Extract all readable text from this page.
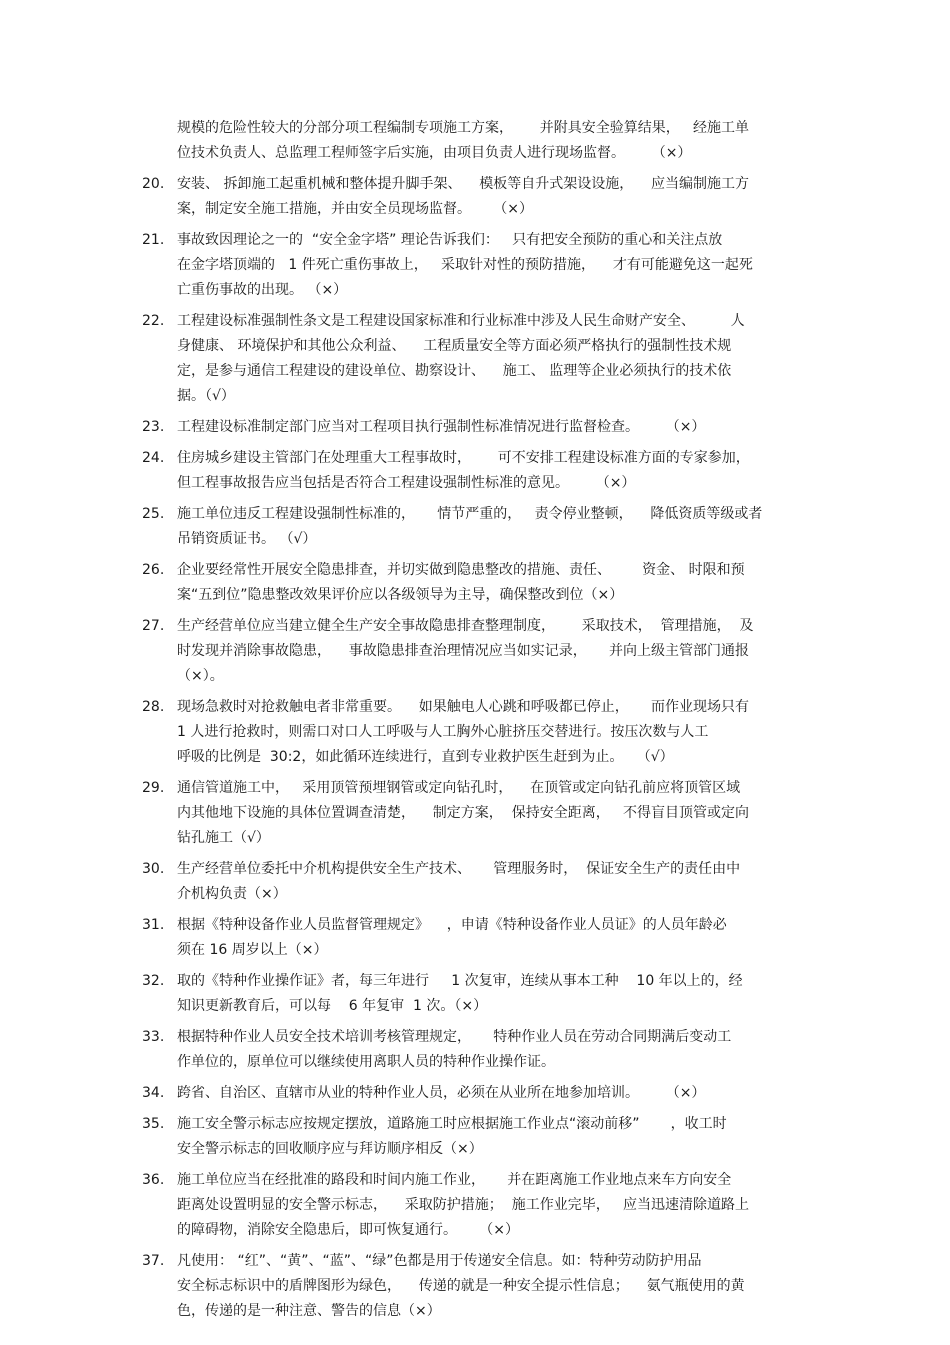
规模的危险性较大的分部分项工程编制专项施工方案，      并附具安全验算结果，   经施工单
位技术负责人、总监理工程师签字后实施，由项目负责人进行现场监督。      （×）
20. 安装、 拆卸施工起重机械和整体提升脚手架、    模板等自升式架设设施，    应当编制施工方
案，制定安全施工措施，并由安全员现场监督。     （×）
21. 事故致因理论之一的  “安全金字塔” 理论告诉我们：   只有把安全预防的重心和关注点放
在金字塔顶端的   1 件死亡重伤事故上，   采取针对性的预防措施，    才有可能避免这一起死
亡重伤事故的出现。 （×）
22. 工程建设标准强制性条文是工程建设国家标准和行业标准中涉及人民生命财产安全、        人
身健康、 环境保护和其他公众利益、    工程质量安全等方面必须严格执行的强制性技术规
定，是参与通信工程建设的建设单位、勘察设计、    施工、 监理等企业必须执行的技术依
据。（√）
23. 工程建设标准制定部门应当对工程项目执行强制性标准情况进行监督检查。      （×）
24. 住房城乡建设主管部门在处理重大工程事故时，      可不安排工程建设标准方面的专家参加，
但工程事故报告应当包括是否符合工程建设强制性标准的意见。      （×）
25. 施工单位违反工程建设强制性标准的，     情节严重的，   责令停业整顿，    降低资质等级或者
吊销资质证书。 （√）
26. 企业要经常性开展安全隐患排查，并切实做到隐患整改的措施、责任、       资金、 时限和预
案“五到位”隐患整改效果评价应以各级领导为主导，确保整改到位（×）
27. 生产经营单位应当建立健全生产安全事故隐患排查整理制度，      采取技术，  管理措施，  及
时发现并消除事故隐患，    事故隐患排查治理情况应当如实记录，     并向上级主管部门通报
（×）。
28. 现场急救时对抢救触电者非常重要。    如果触电人心跳和呼吸都已停止，     而作业现场只有
1 人进行抢救时，则需口对口人工呼吸与人工胸外心脏挤压交替进行。按压次数与人工
呼吸的比例是  30:2，如此循环连续进行，直到专业救护医生赶到为止。   （√）
29. 通信管道施工中，   采用顶管预埋钢管或定向钻孔时，    在顶管或定向钻孔前应将顶管区域
内其他地下设施的具体位置调查清楚，    制定方案，  保持安全距离，   不得盲目顶管或定向
钻孔施工（√）
30. 生产经营单位委托中介机构提供安全生产技术、     管理服务时，  保证安全生产的责任由中
介机构负责（×）
31. 根据《特种设备作业人员监督管理规定》    ，申请《特种设备作业人员证》的人员年龄必
须在 16 周岁以上（×）
32. 取的《特种作业操作证》者，每三年进行     1 次复审，连续从事本工种    10 年以上的，经
知识更新教育后，可以每    6 年复审  1 次。（×）
33. 根据特种作业人员安全技术培训考核管理规定，     特种作业人员在劳动合同期满后变动工
作单位的，原单位可以继续使用离职人员的特种作业操作证。
34. 跨省、自治区、直辖市从业的特种作业人员，必须在从业所在地参加培训。      （×）
35. 施工安全警示标志应按规定摆放，道路施工时应根据施工作业点“滚动前移”       ，收工时
安全警示标志的回收顺序应与拜访顺序相反（×）
36. 施工单位应当在经批准的路段和时间内施工作业，     并在距离施工作业地点来车方向安全
距离处设置明显的安全警示标志，    采取防护措施；  施工作业完毕，   应当迅速清除道路上
的障碍物，消除安全隐患后，即可恢复通行。     （×）
37. 凡使用： “红”、“黄”、“蓝”、“绿”色都是用于传递安全信息。如：特种劳动防护用品
安全标志标识中的盾牌图形为绿色，    传递的就是一种安全提示性信息；    氨气瓶使用的黄
色，传递的是一种注意、警告的信息（×）
